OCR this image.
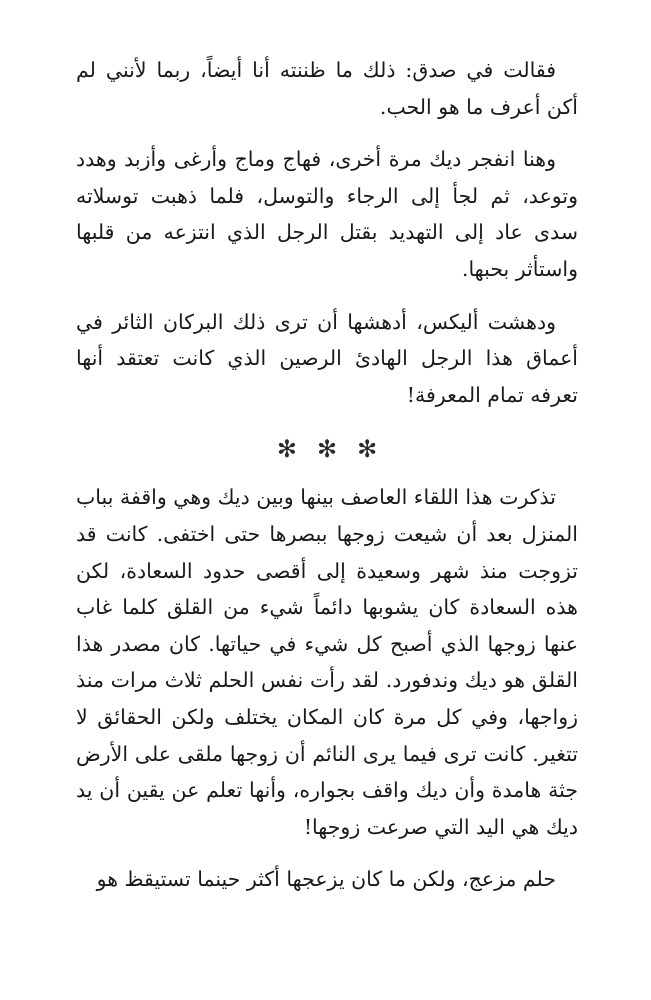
فقالت في صدق: ذلك ما ظننته أنا أيضاً، ربما لأنني لم أكن أعرف ما هو الحب.

وهنا انفجر ديك مرة أخرى، فهاج وماج وأرغى وأزبد وهدد وتوعد، ثم لجأ إلى الرجاء والتوسل، فلما ذهبت توسلاته سدى عاد إلى التهديد بقتل الرجل الذي انتزعه من قلبها واستأثر بحبها.

ودهشت أليكس، أدهشها أن ترى ذلك البركان الثائر في أعماق هذا الرجل الهادئ الرصين الذي كانت تعتقد أنها تعرفه تمام المعرفة!

✻
✻
✻

تذكرت هذا اللقاء العاصف بينها وبين ديك وهي واقفة بباب المنزل بعد أن شيعت زوجها ببصرها حتى اختفى. كانت قد تزوجت منذ شهر وسعيدة إلى أقصى حدود السعادة، لكن هذه السعادة كان يشوبها دائماً شيء من القلق كلما غاب عنها زوجها الذي أصبح كل شيء في حياتها. كان مصدر هذا القلق هو ديك وندفورد. لقد رأت نفس الحلم ثلاث مرات منذ زواجها، وفي كل مرة كان المكان يختلف ولكن الحقائق لا تتغير. كانت ترى فيما يرى النائم أن زوجها ملقى على الأرض جثة هامدة وأن ديك واقف بجواره، وأنها تعلم عن يقين أن يد ديك هي اليد التي صرعت زوجها!

حلم مزعج، ولكن ما كان يزعجها أكثر حينما تستيقظ هو
